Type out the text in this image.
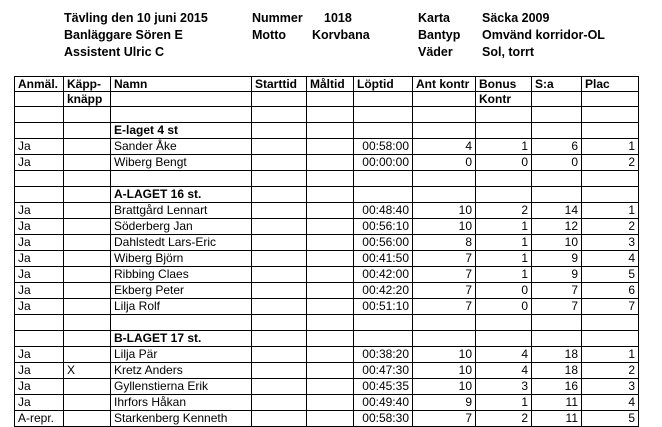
Tävling den 10 juni 2015
Banläggare Sören E
Assistent Ulric C
Nummer 1018
Motto Korvbana
Karta	Säcka 2009
Bantyp Omvänd korridor-OL
Väder Sol, torrt
Anmäl.	Käpp-	Namn	Starttid	Måltid	Löptid	Ant kontr	Bonus	S:a	Plac
	knäpp						Kontr		

		E-laget 4 st							
Ja		Sander Åke			00:58:00	4	1	6	1
Ja		Wiberg Bengt			00:00:00	0	0	0	2

		A-LAGET 16 st.							
Ja		Brattgård Lennart			00:48:40	10	2	14	1
Ja		Söderberg Jan			00:56:10	10	1	12	2
Ja		Dahlstedt Lars-Eric			00:56:00	8	1	10	3
Ja		Wiberg Björn			00:41:50	7	1	9	4
Ja		Ribbing Claes			00:42:00	7	1	9	5
Ja		Ekberg Peter			00:42:20	7	0	7	6
Ja		Lilja Rolf			00:51:10	7	0	7	7

		B-LAGET 17 st.							
Ja		Lilja Pär			00:38:20	10	4	18	1
Ja	X	Kretz Anders			00:47:30	10	4	18	2
Ja		Gyllenstierna Erik			00:45:35	10	3	16	3
Ja		Ihrfors Håkan			00:49:40	9	1	11	4
A-repr.		Starkenberg Kenneth			00:58:30	7	2	11	5
